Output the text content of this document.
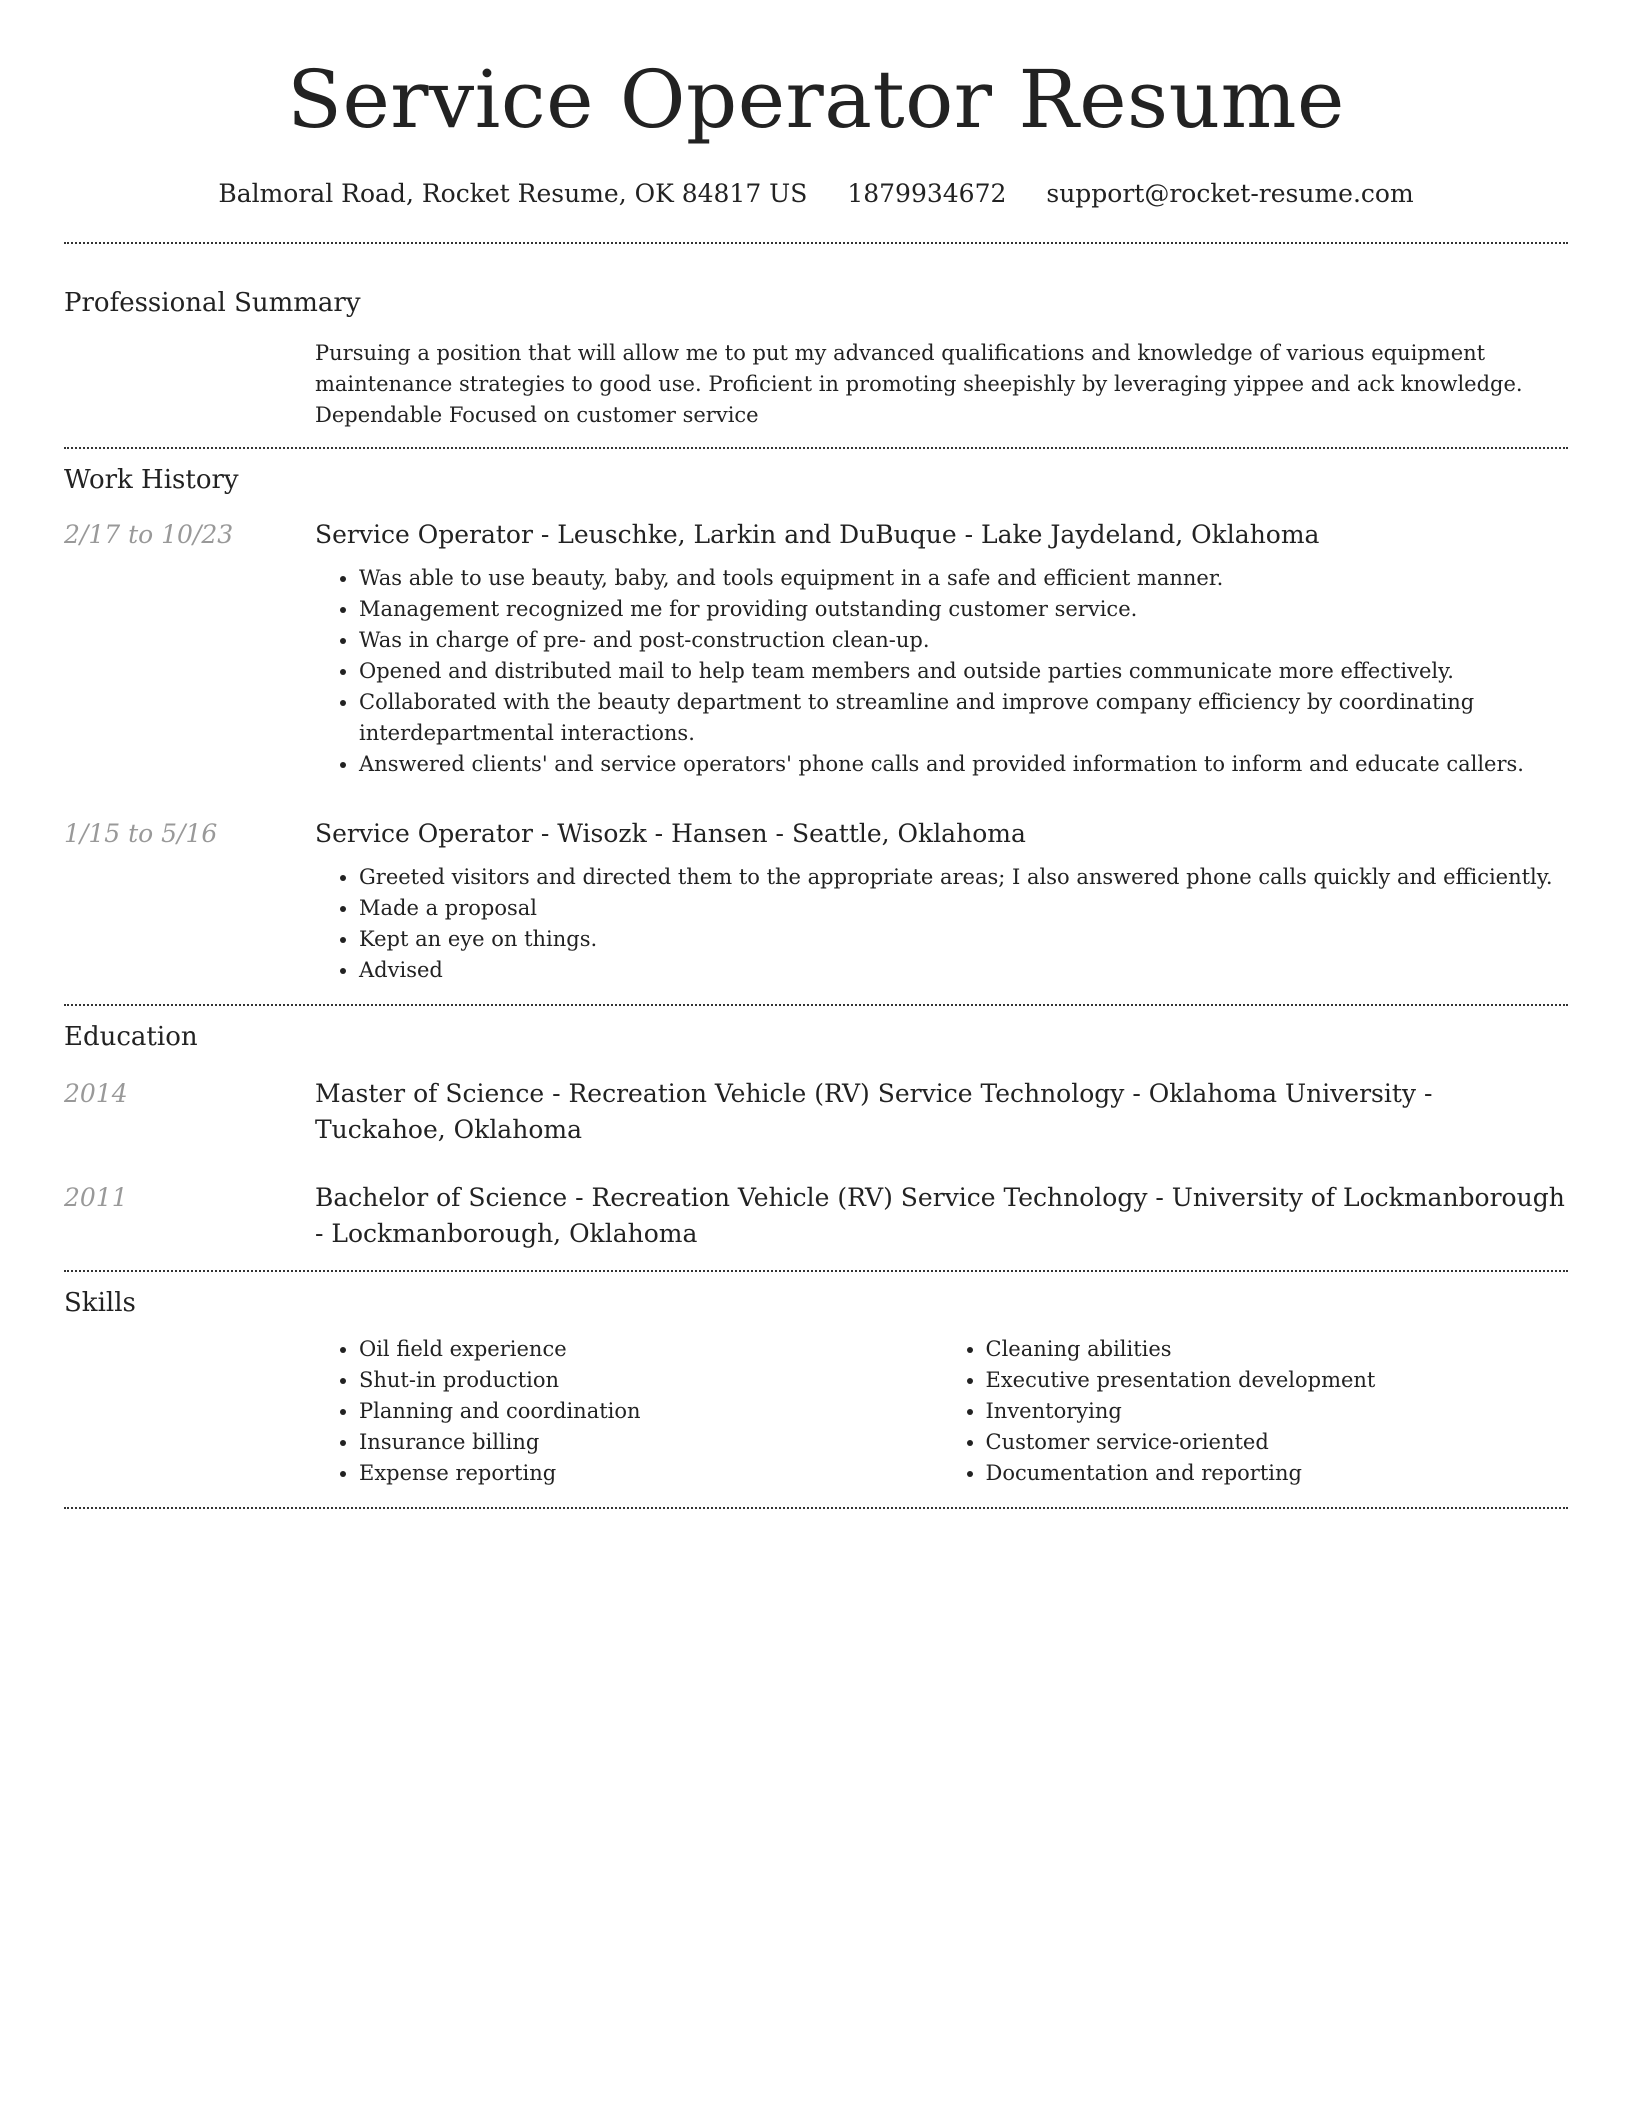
Service Operator Resume
Balmoral Road, Rocket Resume, OK 84817 US 1879934672 support@rocket-resume.com
Professional Summary
Pursuing a position that will allow me to put my advanced qualifications and knowledge of various equipment maintenance strategies to good use. Proficient in promoting sheepishly by leveraging yippee and ack knowledge. Dependable Focused on customer service
Work History
2/17 to 10/23	Service Operator - Leuschke, Larkin and DuBuque - Lake Jaydeland, Oklahoma
• Was able to use beauty, baby, and tools equipment in a safe and efficient manner.
• Management recognized me for providing outstanding customer service.
• Was in charge of pre- and post-construction clean-up.
• Opened and distributed mail to help team members and outside parties communicate more effectively.
• Collaborated with the beauty department to streamline and improve company efficiency by coordinating interdepartmental interactions.
• Answered clients' and service operators' phone calls and provided information to inform and educate callers.
1/15 to 5/16	Service Operator - Wisozk - Hansen - Seattle, Oklahoma
• Greeted visitors and directed them to the appropriate areas; I also answered phone calls quickly and efficiently.
• Made a proposal
• Kept an eye on things.
• Advised
Education
2014	Master of Science - Recreation Vehicle (RV) Service Technology - Oklahoma University - Tuckahoe, Oklahoma
2011	Bachelor of Science - Recreation Vehicle (RV) Service Technology - University of Lockmanborough - Lockmanborough, Oklahoma
Skills
• Oil field experience
• Shut-in production
• Planning and coordination
• Insurance billing
• Expense reporting
• Cleaning abilities
• Executive presentation development
• Inventorying
• Customer service-oriented
• Documentation and reporting
